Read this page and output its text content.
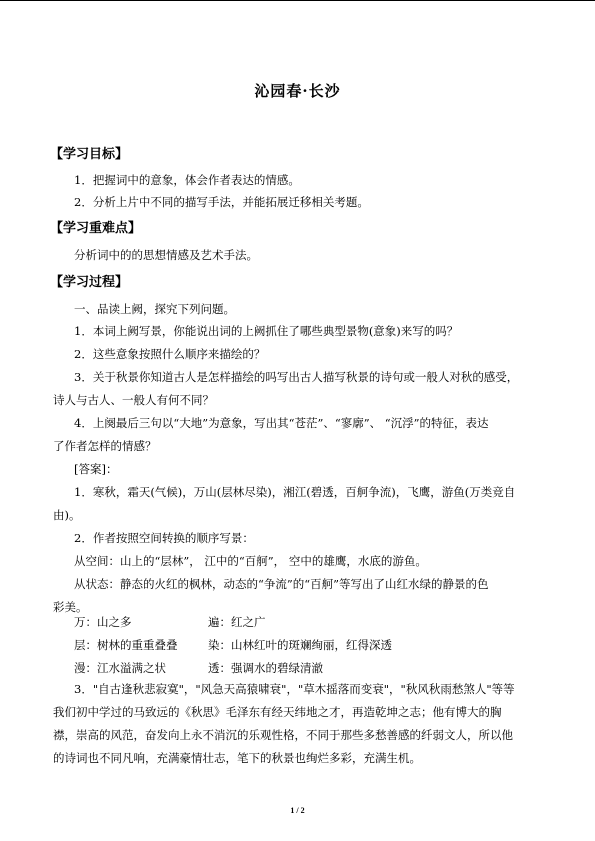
沁园春·长沙
【学习目标】
1．把握词中的意象，体会作者表达的情感。
2．分析上片中不同的描写手法，并能拓展迁移相关考题。
【学习重难点】
分析词中的的思想情感及艺术手法。
【学习过程】
一、品读上阙，探究下列问题。
1．本词上阙写景，你能说出词的上阙抓住了哪些典型景物(意象)来写的吗？
2．这些意象按照什么顺序来描绘的？
3．关于秋景你知道古人是怎样描绘的吗写出古人描写秋景的诗句或一般人对秋的感受，
诗人与古人、一般人有何不同？
4．上阕最后三句以“大地”为意象，写出其“苍茫”、“寥廓”、 “沉浮”的特征，表达
了作者怎样的情感？
[答案]：
1．寒秋，霜天(气候)，万山(层林尽染)，湘江(碧透，百舸争流)，飞鹰，游鱼(万类竞自
由)。
2．作者按照空间转换的顺序写景：
从空间：山上的“层林”， 江中的“百舸”， 空中的雄鹰，水底的游鱼。
从状态：静态的火红的枫林，动态的“争流”的“百舸”等写出了山红水绿的静景的色
彩美。
万：山之多	遍：红之广
层：树林的重重叠叠	染：山林红叶的斑斓绚丽，红得深透
漫：江水溢满之状	透：强调水的碧绿清澈
3．"自古逢秋悲寂寞"，"风急天高猿啸衰"，"草木摇落而变衰"，"秋风秋雨愁煞人"等等
我们初中学过的马致远的《秋思》毛泽东有经天纬地之才，再造乾坤之志；他有博大的胸
襟，崇高的风范，奋发向上永不消沉的乐观性格，不同于那些多愁善感的纤弱文人，所以他
的诗词也不同凡响，充满豪情壮志，笔下的秋景也绚烂多彩，充满生机。
1 / 2
